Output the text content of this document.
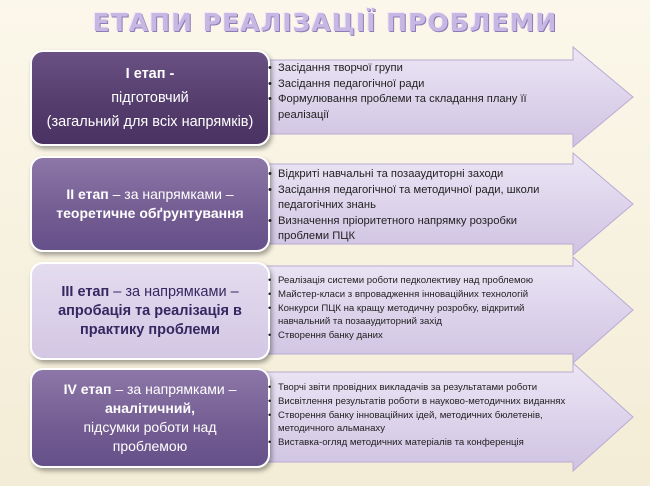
ЕТАПИ РЕАЛІЗАЦІЇ ПРОБЛЕМИ
І етап -
підготовчий
(загальний для всіх напрямків)
ІІ етап – за напрямками –
теоретичне обґрунтування
ІІІ етап – за напрямками –
апробація та реалізація в
практику проблеми
ІV етап – за напрямками –
аналітичний,
підсумки роботи над
проблемою
• Засідання творчої групи
• Засідання педагогічної ради
• Формулювання проблеми та складання плану її реалізації
• Відкриті навчальні та позааудиторні заходи
• Засідання педагогічної та методичної ради, школи педагогічних знань
• Визначення пріоритетного напрямку розробки проблеми ПЦК
• Реалізація системи роботи педколективу над проблемою
• Майстер-класи з впровадження інноваційних технологій
• Конкурси ПЦК на кращу методичну розробку, відкритий навчальний та позааудиторний захід
• Створення банку даних
• Творчі звіти провідних викладачів за результатами роботи
• Висвітлення результатів роботи в науково-методичних виданнях
• Створення банку інноваційних ідей, методичних бюлетенів, методичного альманаху
• Виставка-огляд методичних матеріалів та конференція
